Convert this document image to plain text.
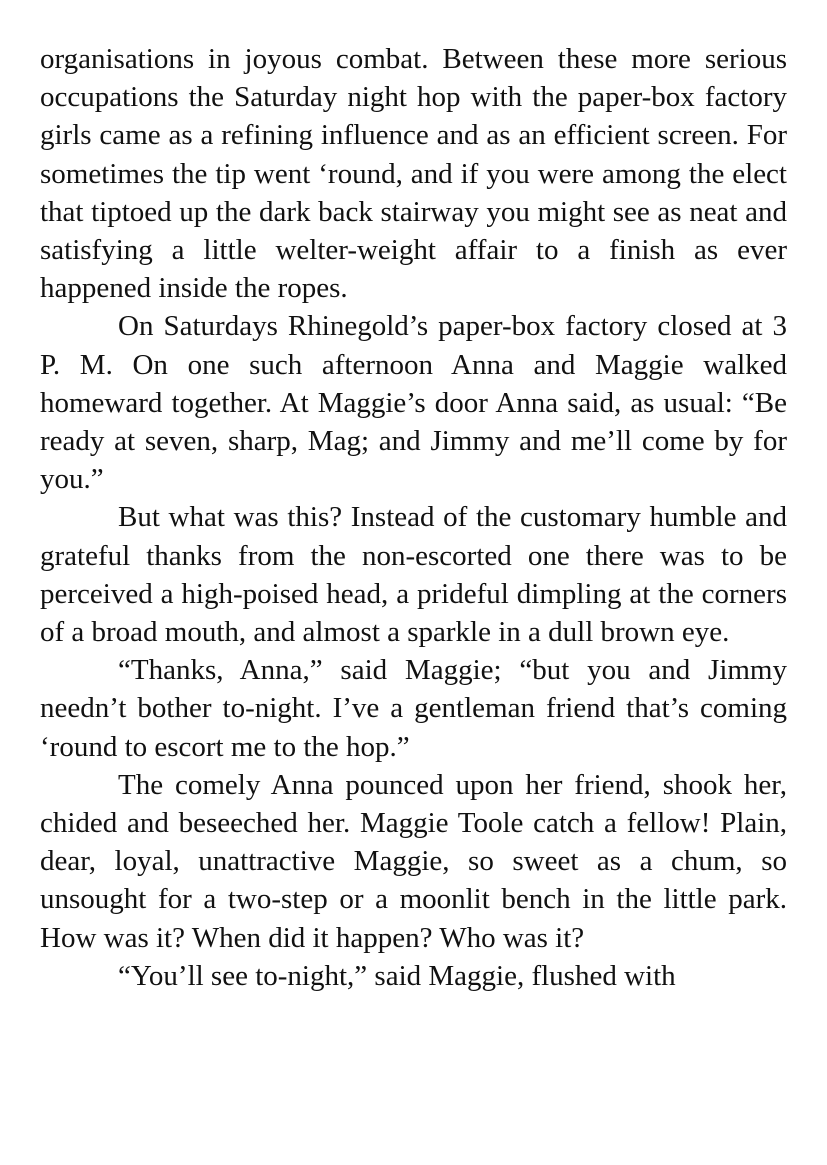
organisations in joyous combat. Between these more serious occupations the Saturday night hop with the paper-box factory girls came as a refining influence and as an efficient screen. For sometimes the tip went ‘round, and if you were among the elect that tiptoed up the dark back stairway you might see as neat and satisfying a little welter-weight affair to a finish as ever happened inside the ropes.

On Saturdays Rhinegold’s paper-box factory closed at 3 P. M. On one such afternoon Anna and Maggie walked homeward together. At Maggie’s door Anna said, as usual: “Be ready at seven, sharp, Mag; and Jimmy and me’ll come by for you.”

But what was this? Instead of the customary humble and grateful thanks from the non-escorted one there was to be perceived a high-poised head, a prideful dimpling at the corners of a broad mouth, and almost a sparkle in a dull brown eye.

“Thanks, Anna,” said Maggie; “but you and Jimmy needn’t bother to-night. I’ve a gentleman friend that’s coming ‘round to escort me to the hop.”

The comely Anna pounced upon her friend, shook her, chided and beseeched her. Maggie Toole catch a fellow! Plain, dear, loyal, unattractive Maggie, so sweet as a chum, so unsought for a two-step or a moonlit bench in the little park. How was it? When did it happen? Who was it?

“You’ll see to-night,” said Maggie, flushed with
